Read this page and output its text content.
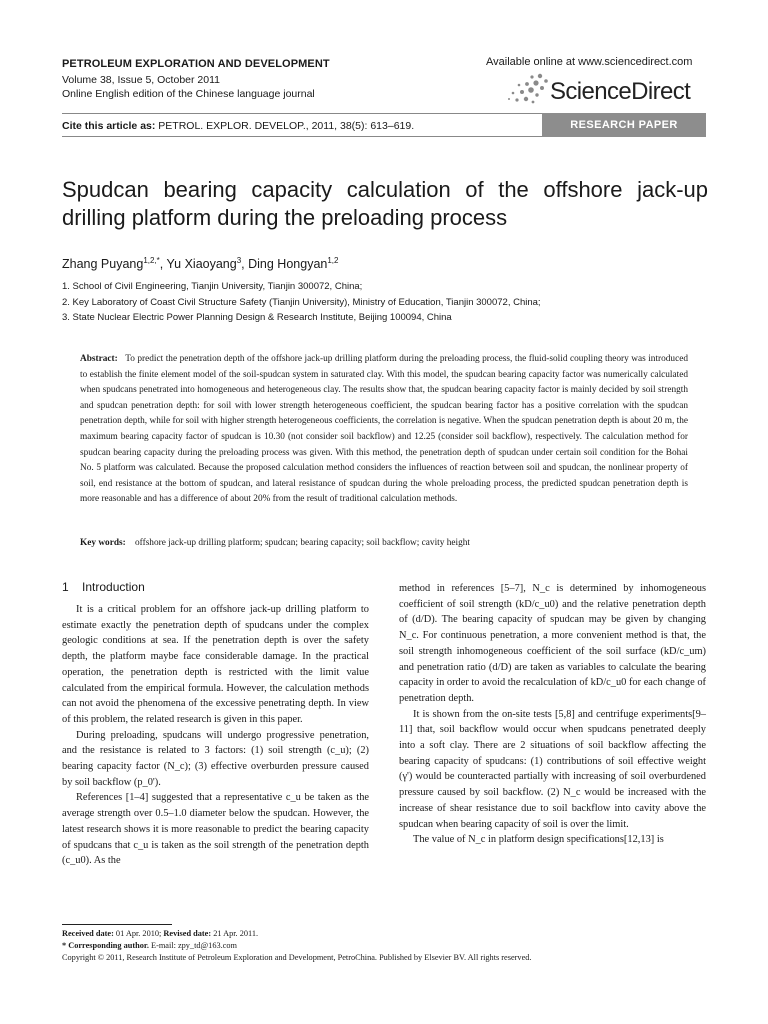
PETROLEUM EXPLORATION AND DEVELOPMENT
Volume 38, Issue 5, October 2011
Online English edition of the Chinese language journal
Available online at www.sciencedirect.com
ScienceDirect
Cite this article as: PETROL. EXPLOR. DEVELOP., 2011, 38(5): 613–619.	RESEARCH PAPER
Spudcan bearing capacity calculation of the offshore jack-up drilling platform during the preloading process
Zhang Puyang$^{1,2,*}$, Yu Xiaoyang$^3$, Ding Hongyan$^{1,2}$
1. School of Civil Engineering, Tianjin University, Tianjin 300072, China;
2. Key Laboratory of Coast Civil Structure Safety (Tianjin University), Ministry of Education, Tianjin 300072, China;
3. State Nuclear Electric Power Planning Design & Research Institute, Beijing 100094, China
Abstract: To predict the penetration depth of the offshore jack-up drilling platform during the preloading process, the fluid-solid coupling theory was introduced to establish the finite element model of the soil-spudcan system in saturated clay. With this model, the spudcan bearing capacity factor was numerically calculated when spudcans penetrated into homogeneous and heterogeneous clay. The results show that, the spudcan bearing capacity factor is mainly decided by soil strength and spudcan penetration depth: for soil with lower strength heterogeneous coefficient, the spudcan bearing factor has a positive correlation with the spudcan penetration depth, while for soil with higher strength heterogeneous coefficients, the correlation is negative. When the spudcan penetration depth is about 20 m, the maximum bearing capacity factor of spudcan is 10.30 (not consider soil backflow) and 12.25 (consider soil backflow), respectively. The calculation method for spudcan bearing capacity during the preloading process was given. With this method, the penetration depth of spudcan under certain soil condition for the Bohai No. 5 platform was calculated. Because the proposed calculation method considers the influences of reaction between soil and spudcan, the nonlinear property of soil, end resistance at the bottom of spudcan, and lateral resistance of spudcan during the whole preloading process, the predicted spudcan penetration depth is more reasonable and has a difference of about 20% from the result of traditional calculation methods.
Key words: offshore jack-up drilling platform; spudcan; bearing capacity; soil backflow; cavity height
1 Introduction

It is a critical problem for an offshore jack-up drilling platform to estimate exactly the penetration depth of spudcans under the complex geologic conditions at sea. If the penetration depth is over the safety depth, the platform maybe face considerable damage. In the practical operation, the penetration depth is restricted with the limit value calculated from the empirical formula. However, the calculation methods can not avoid the phenomena of the excessive penetrating depth. In view of this problem, the related research is given in this paper.

During preloading, spudcans will undergo progressive penetration, and the resistance is related to 3 factors: (1) soil strength (c_u); (2) bearing capacity factor (N_c); (3) effective overburden pressure caused by soil backflow (p_0').

References [1–4] suggested that a representative c_u be taken as the average strength over 0.5–1.0 diameter below the spudcan. However, the latest research shows it is more reasonable to predict the bearing capacity of spudcans that c_u is taken as the soil strength of the penetration depth (c_u0). As the

method in references [5–7], N_c is determined by inhomogeneous coefficient of soil strength (kD/c_u0) and the relative penetration depth of (d/D). The bearing capacity of spudcan may be given by changing N_c. For continuous penetration, a more convenient method is that, the soil strength inhomogeneous coefficient of the soil surface (kD/c_um) and penetration ratio (d/D) are taken as variables to calculate the bearing capacity in order to avoid the recalculation of kD/c_u0 for each change of penetration depth.

It is shown from the on-site tests [5,8] and centrifuge experiments[9–11] that, soil backflow would occur when spudcans penetrated deeply into a soft clay. There are 2 situations of soil backflow affecting the bearing capacity of spudcans: (1) contributions of soil effective weight (γ') would be counteracted partially with increasing of soil overburdened pressure caused by soil backflow. (2) N_c would be increased with the increase of shear resistance due to soil backflow into cavity above the spudcan when bearing capacity of soil is over the limit.

The value of N_c in platform design specifications[12,13] is

Received date: 01 Apr. 2010; Revised date: 21 Apr. 2011.
* Corresponding author. E-mail: zpy_td@163.com
Copyright © 2011, Research Institute of Petroleum Exploration and Development, PetroChina. Published by Elsevier BV. All rights reserved.
